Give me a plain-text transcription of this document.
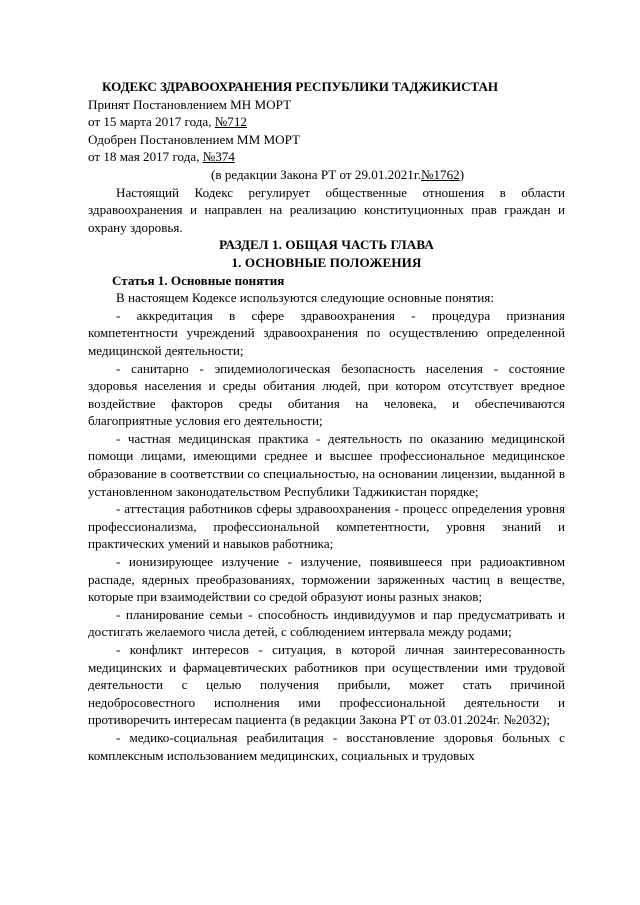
КОДЕКС ЗДРАВООХРАНЕНИЯ РЕСПУБЛИКИ ТАДЖИКИСТАН

Принят Постановлением МН МОРТ

от 15 марта 2017 года, №712

Одобрен Постановлением ММ МОРТ

от 18 мая 2017 года, №374

(в редакции Закона РТ от 29.01.2021г.№1762)

Настоящий Кодекс регулирует общественные отношения в области здравоохранения и направлен на реализацию конституционных прав граждан и охрану здоровья.

РАЗДЕЛ 1. ОБЩАЯ ЧАСТЬ ГЛАВА

1. ОСНОВНЫЕ ПОЛОЖЕНИЯ

Статья 1. Основные понятия

В настоящем Кодексе используются следующие основные понятия:

- аккредитация в сфере здравоохранения - процедура признания компетентности учреждений здравоохранения по осуществлению определенной медицинской деятельности;

- санитарно - эпидемиологическая безопасность населения - состояние здоровья населения и среды обитания людей, при котором отсутствует вредное воздействие факторов среды обитания на человека, и обеспечиваются благоприятные условия его деятельности;

- частная медицинская практика - деятельность по оказанию медицинской помощи лицами, имеющими среднее и высшее профессиональное медицинское образование в соответствии со специальностью, на основании лицензии, выданной в установленном законодательством Республики Таджикистан порядке;

- аттестация работников сферы здравоохранения - процесс определения уровня профессионализма, профессиональной компетентности, уровня знаний и практических умений и навыков работника;

- ионизирующее излучение - излучение, появившееся при радиоактивном распаде, ядерных преобразованиях, торможении заряженных частиц в веществе, которые при взаимодействии со средой образуют ионы разных знаков;

- планирование семьи - способность индивидуумов и пар предусматривать и достигать желаемого числа детей, с соблюдением интервала между родами;

- конфликт интересов - ситуация, в которой личная заинтересованность медицинских и фармацевтических работников при осуществлении ими трудовой деятельности с целью получения прибыли, может стать причиной недобросовестного исполнения ими профессиональной деятельности и противоречить интересам пациента (в редакции Закона РТ от 03.01.2024г. №2032);

- медико-социальная реабилитация - восстановление здоровья больных с комплексным использованием медицинских, социальных и трудовых
